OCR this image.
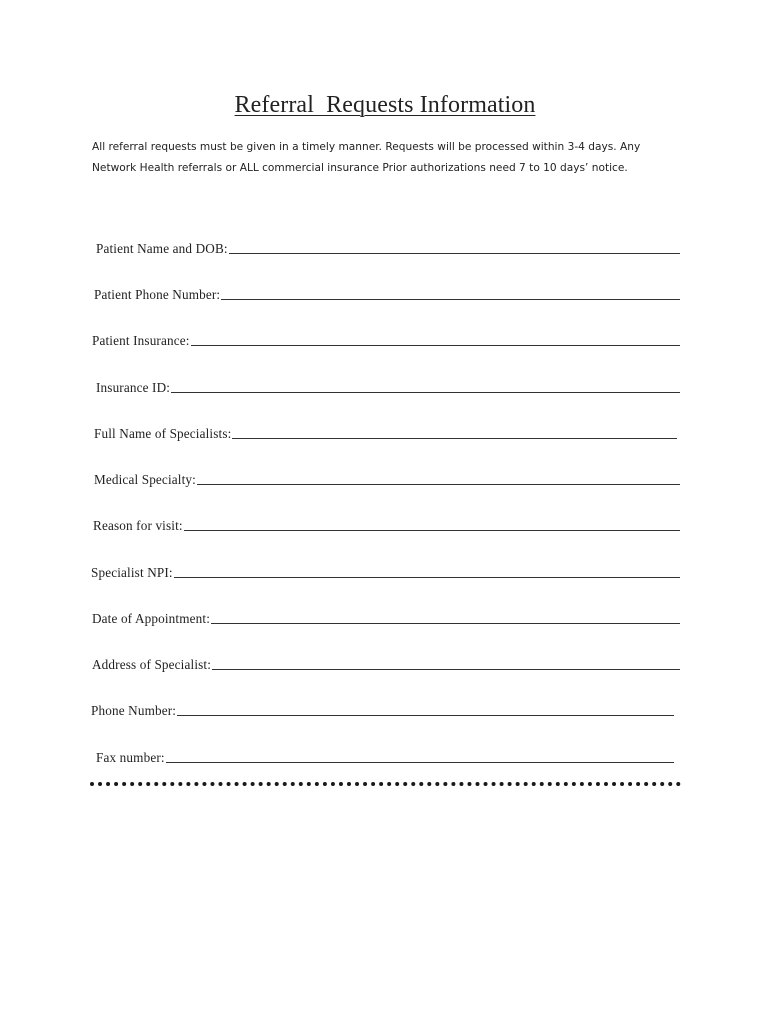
Referral  Requests Information

All referral requests must be given in a timely manner. Requests will be processed within 3-4 days. Any

Network Health referrals or ALL commercial insurance Prior authorizations need 7 to 10 days’ notice.

Patient Name and DOB:
Patient Phone Number:
Patient Insurance:
Insurance ID:
Full Name of Specialists:
Medical Specialty:
Reason for visit:
Specialist NPI:
Date of Appointment:
Address of Specialist:
Phone Number:
Fax number:
